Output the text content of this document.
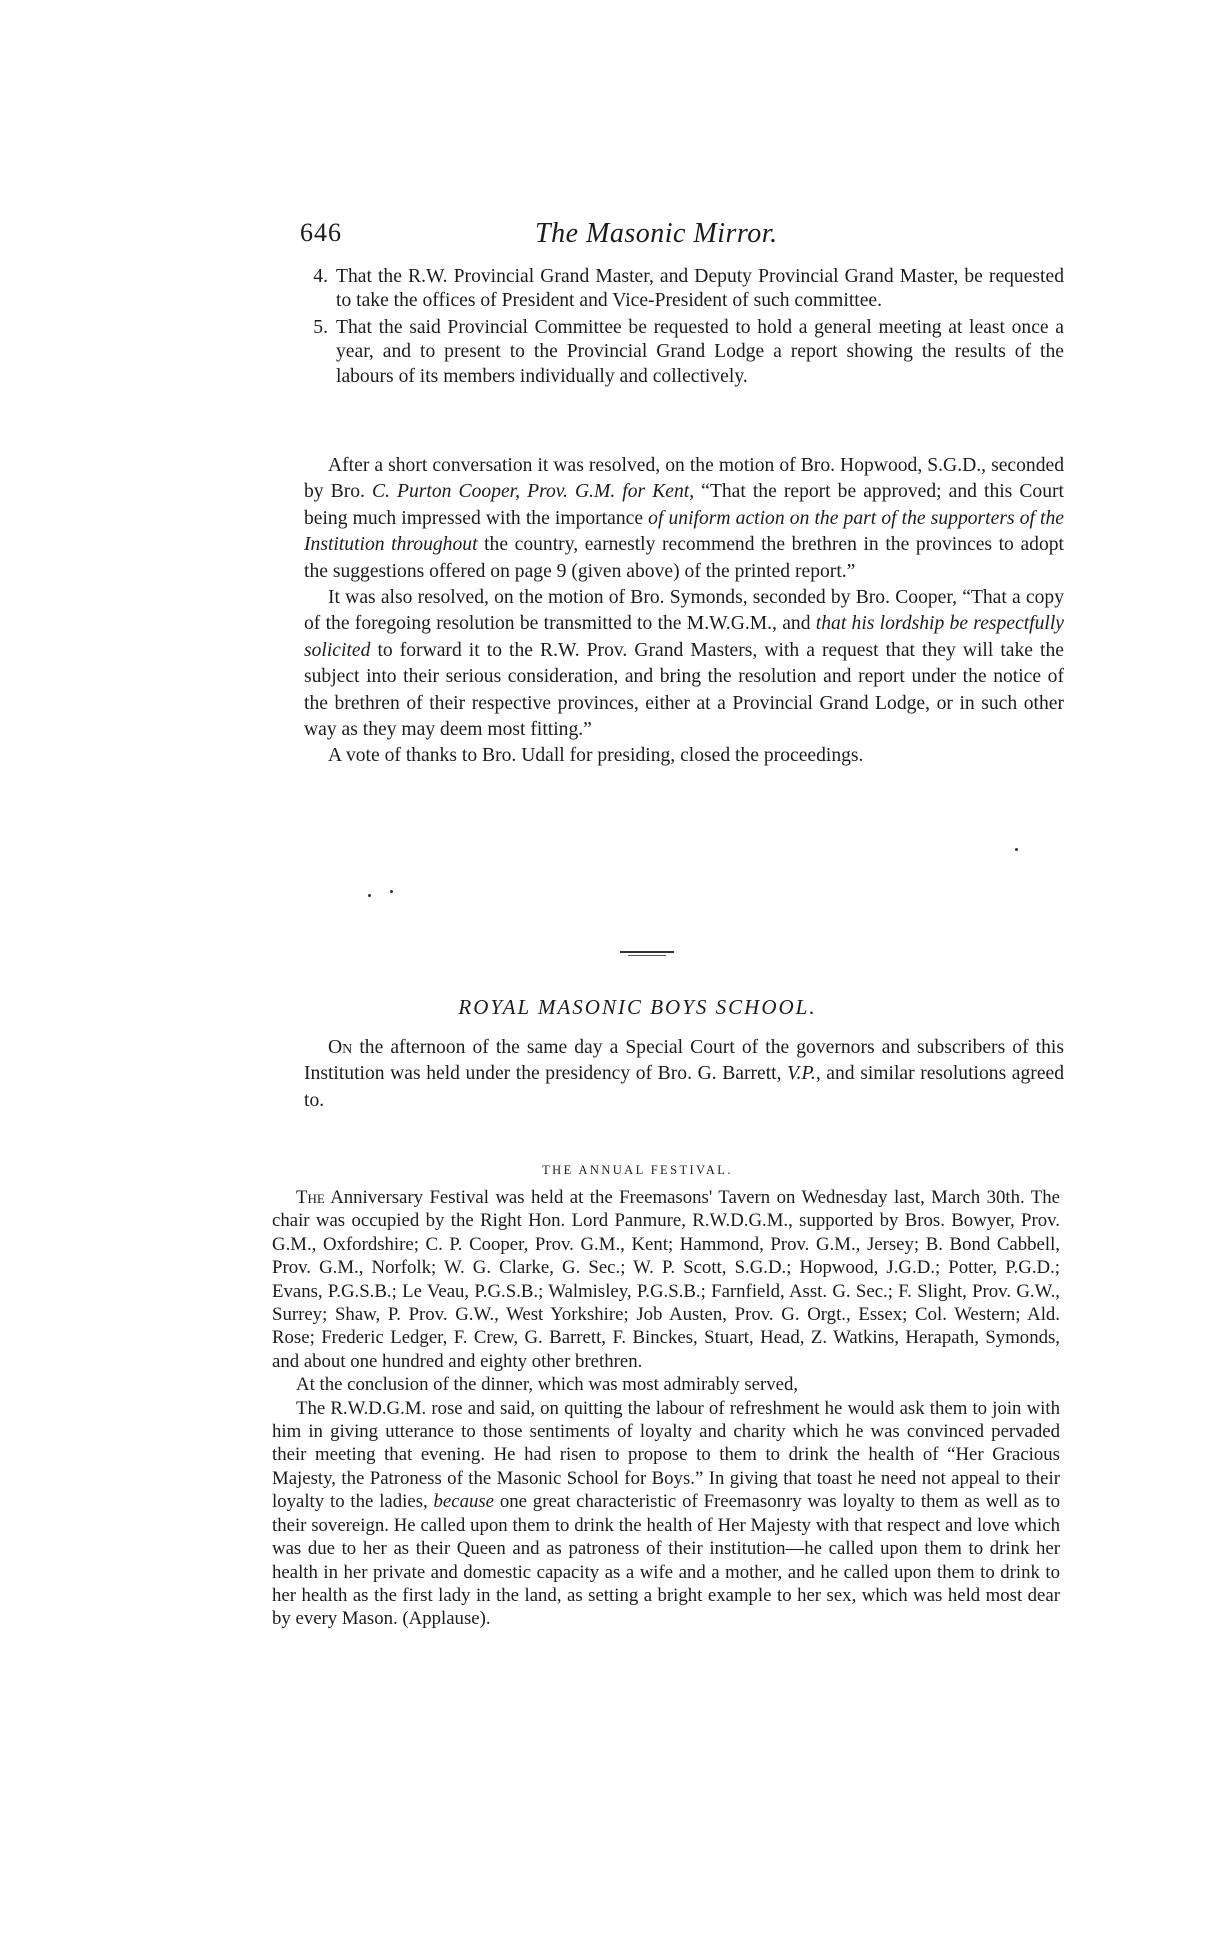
646	The Masonic Mirror.
4. That the R.W. Provincial Grand Master, and Deputy Provincial Grand Master, be requested to take the offices of President and Vice-President of such committee.
5. That the said Provincial Committee be requested to hold a general meeting at least once a year, and to present to the Provincial Grand Lodge a report showing the results of the labours of its members individually and collectively.

After a short conversation it was resolved, on the motion of Bro. Hopwood, S.G.D., seconded by Bro. C. Purton Cooper, Prov. G.M. for Kent, “That the report be approved; and this Court being much impressed with the importance of uniform action on the part of the supporters of the Institution throughout the country, earnestly recommend the brethren in the provinces to adopt the suggestions offered on page 9 (given above) of the printed report.”

It was also resolved, on the motion of Bro. Symonds, seconded by Bro. Cooper, “That a copy of the foregoing resolution be transmitted to the M.W.G.M., and that his lordship be respectfully solicited to forward it to the R.W. Prov. Grand Masters, with a request that they will take the subject into their serious consideration, and bring the resolution and report under the notice of the brethren of their respective provinces, either at a Provincial Grand Lodge, or in such other way as they may deem most fitting.”

A vote of thanks to Bro. Udall for presiding, closed the proceedings.

ROYAL MASONIC BOYS SCHOOL.

On the afternoon of the same day a Special Court of the governors and subscribers of this Institution was held under the presidency of Bro. G. Barrett, V.P., and similar resolutions agreed to.

THE ANNUAL FESTIVAL.

The Anniversary Festival was held at the Freemasons' Tavern on Wednesday last, March 30th. The chair was occupied by the Right Hon. Lord Panmure, R.W.D.G.M., supported by Bros. Bowyer, Prov. G.M., Oxfordshire; C. P. Cooper, Prov. G.M., Kent; Hammond, Prov. G.M., Jersey; B. Bond Cabbell, Prov. G.M., Norfolk; W. G. Clarke, G. Sec.; W. P. Scott, S.G.D.; Hopwood, J.G.D.; Potter, P.G.D.; Evans, P.G.S.B.; Le Veau, P.G.S.B.; Walmisley, P.G.S.B.; Farnfield, Asst. G. Sec.; F. Slight, Prov. G.W., Surrey; Shaw, P. Prov. G.W., West Yorkshire; Job Austen, Prov. G. Orgt., Essex; Col. Western; Ald. Rose; Frederic Ledger, F. Crew, G. Barrett, F. Binckes, Stuart, Head, Z. Watkins, Herapath, Symonds, and about one hundred and eighty other brethren.

At the conclusion of the dinner, which was most admirably served,

The R.W.D.G.M. rose and said, on quitting the labour of refreshment he would ask them to join with him in giving utterance to those sentiments of loyalty and charity which he was convinced pervaded their meeting that evening. He had risen to propose to them to drink the health of “Her Gracious Majesty, the Patroness of the Masonic School for Boys.” In giving that toast he need not appeal to their loyalty to the ladies, because one great characteristic of Freemasonry was loyalty to them as well as to their sovereign. He called upon them to drink the health of Her Majesty with that respect and love which was due to her as their Queen and as patroness of their institution—he called upon them to drink her health in her private and domestic capacity as a wife and a mother, and he called upon them to drink to her health as the first lady in the land, as setting a bright example to her sex, which was held most dear by every Mason. (Applause).
